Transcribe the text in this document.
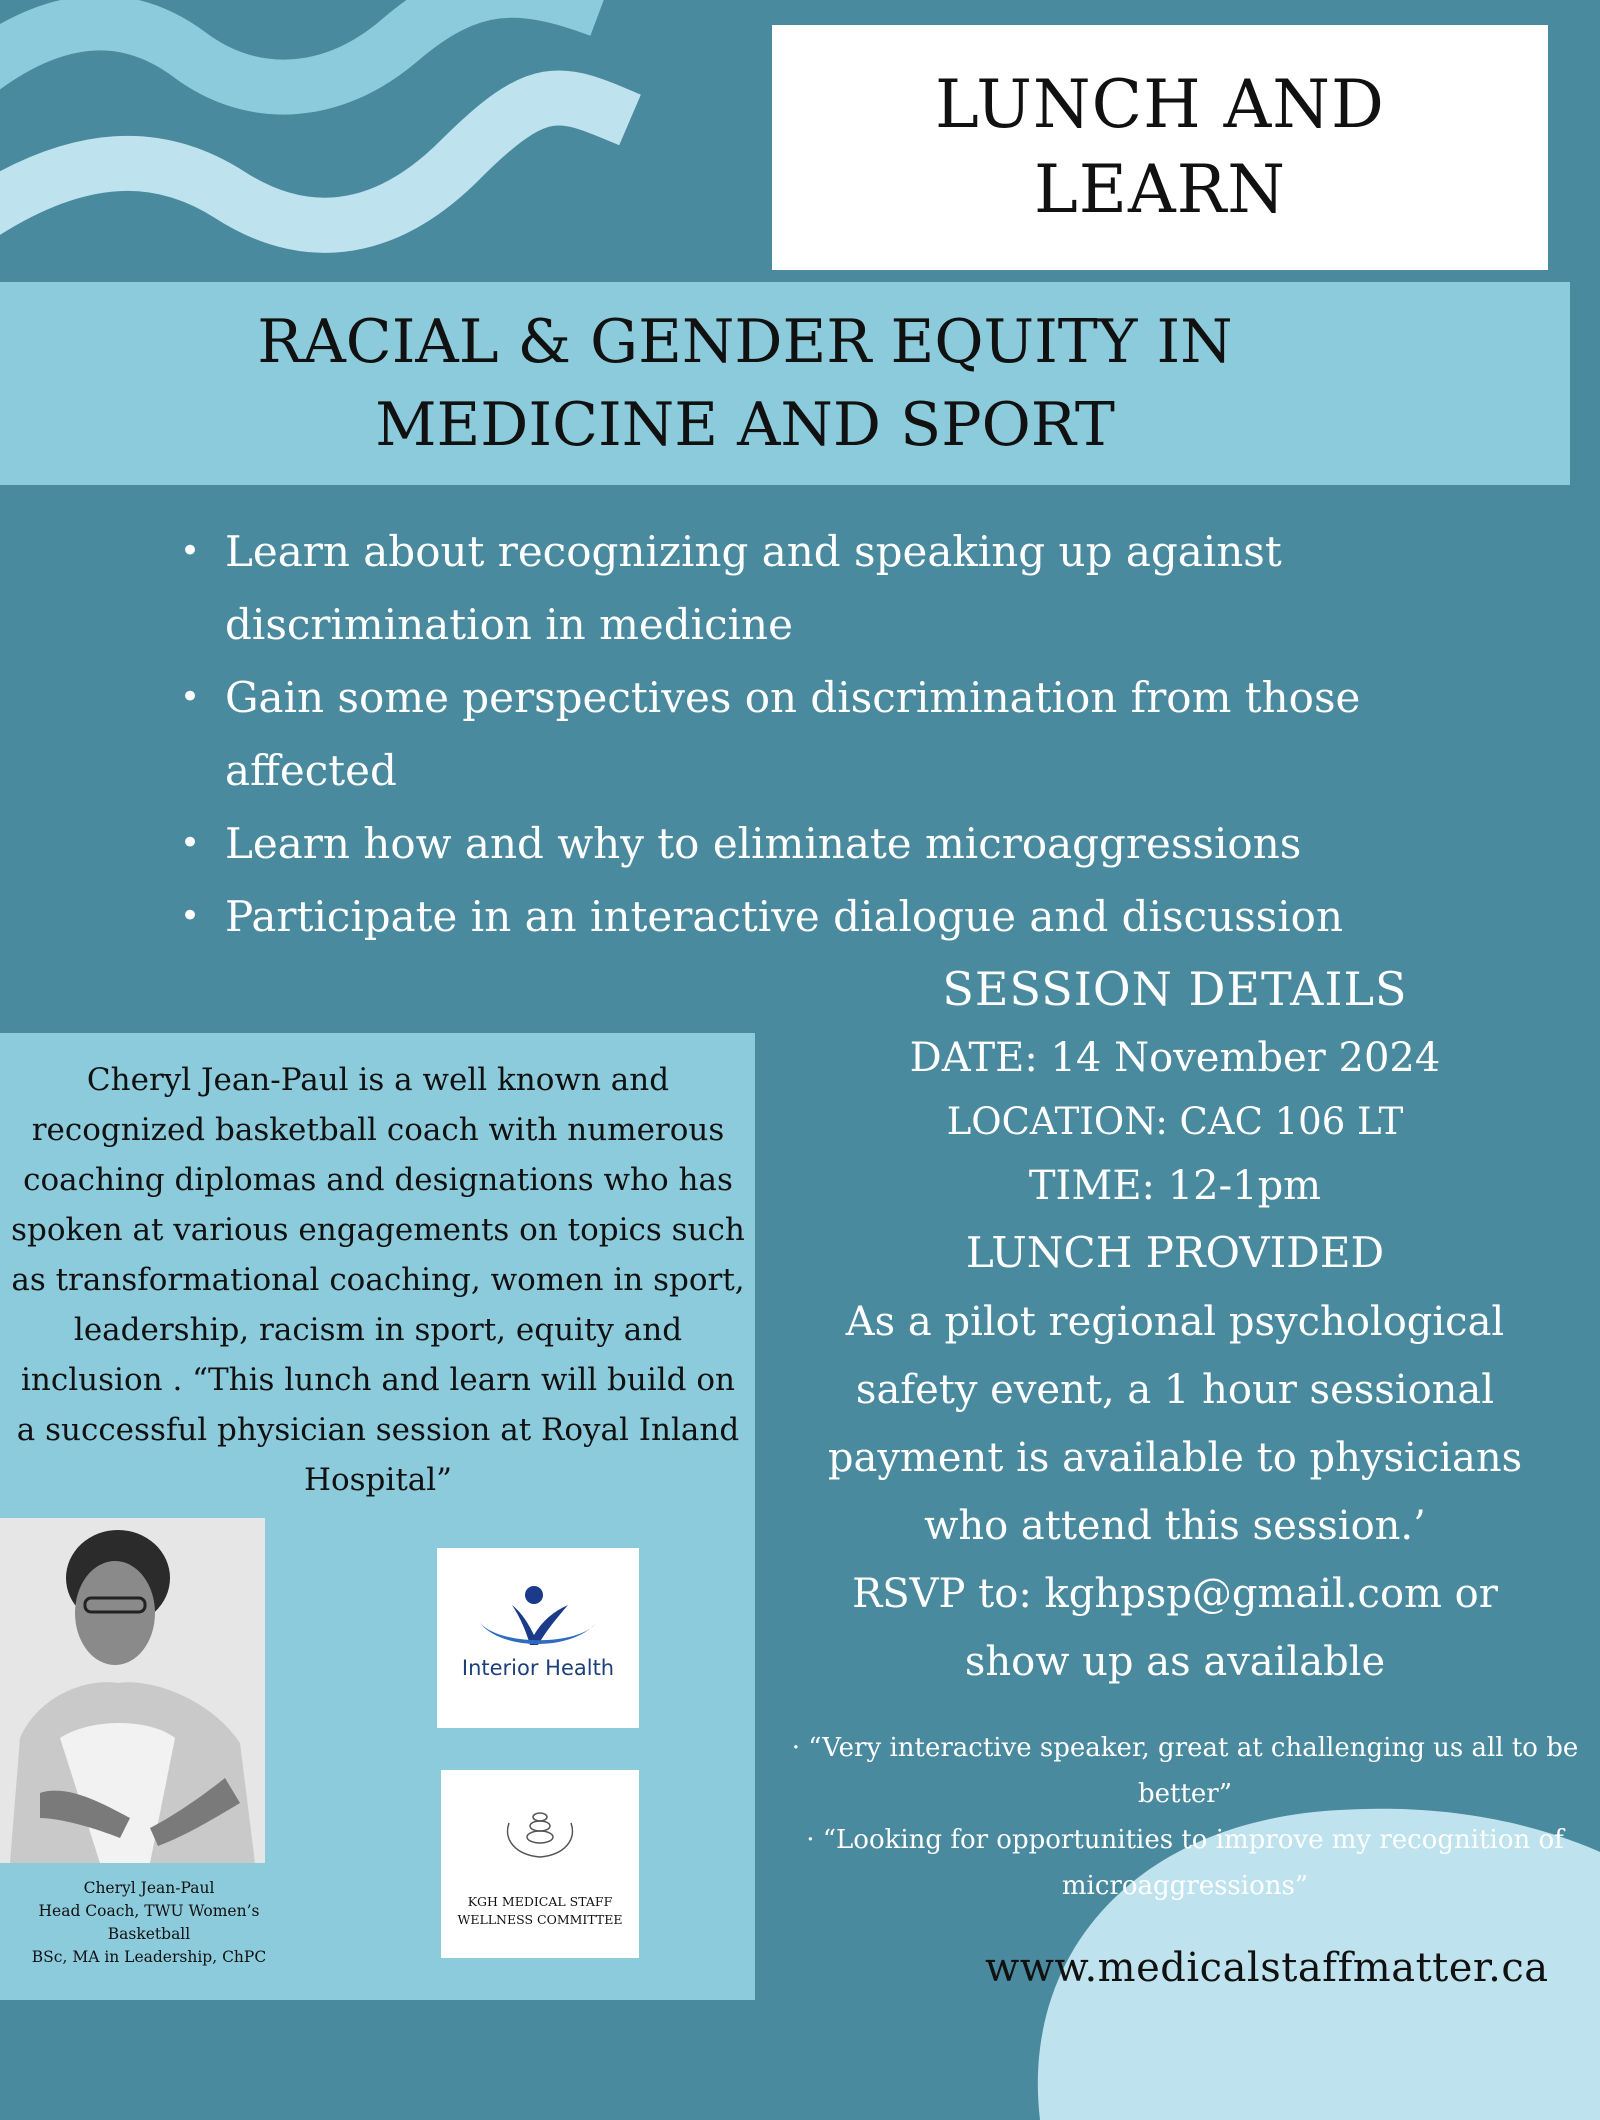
LUNCH AND
LEARN
RACIAL & GENDER EQUITY IN
MEDICINE AND SPORT
• Learn about recognizing and speaking up against discrimination in medicine
• Gain some perspectives on discrimination from those affected
• Learn how and why to eliminate microaggressions
• Participate in an interactive dialogue and discussion
Cheryl Jean-Paul is a well known and recognized basketball coach with numerous coaching diplomas and designations who has spoken at various engagements on topics such as transformational coaching, women in sport, leadership, racism in sport, equity and inclusion . “This lunch and learn will build on a successful physician session at Royal Inland Hospital”
Cheryl Jean-Paul
Head Coach, TWU Women’s Basketball
BSc, MA in Leadership, ChPC
Interior Health
KGH MEDICAL STAFF
WELLNESS COMMITTEE
SESSION DETAILS
DATE: 14 November 2024
LOCATION: CAC 106 LT
TIME: 12-1pm
LUNCH PROVIDED
As a pilot regional psychological safety event, a 1 hour sessional payment is available to physicians who attend this session.’
RSVP to: kghpsp@gmail.com or show up as available
· “Very interactive speaker, great at challenging us all to be better”
· “Looking for opportunities to improve my recognition of microaggressions”
www.medicalstaffmatter.ca
